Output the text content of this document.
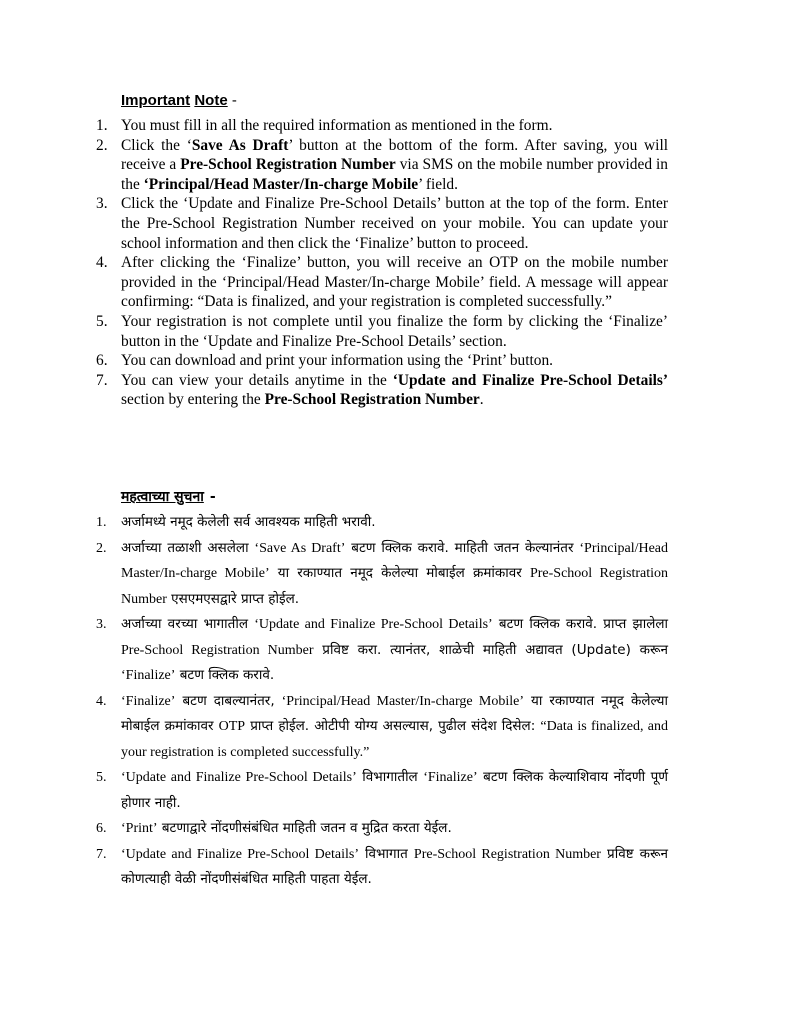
Important Note -
1. You must fill in all the required information as mentioned in the form.
2. Click the ‘Save As Draft’ button at the bottom of the form. After saving, you will receive a Pre-School Registration Number via SMS on the mobile number provided in the ‘Principal/Head Master/In-charge Mobile’ field.
3. Click the ‘Update and Finalize Pre-School Details’ button at the top of the form. Enter the Pre-School Registration Number received on your mobile. You can update your school information and then click the ‘Finalize’ button to proceed.
4. After clicking the ‘Finalize’ button, you will receive an OTP on the mobile number provided in the ‘Principal/Head Master/In-charge Mobile’ field. A message will appear confirming: “Data is finalized, and your registration is completed successfully.”
5. Your registration is not complete until you finalize the form by clicking the ‘Finalize’ button in the ‘Update and Finalize Pre-School Details’ section.
6. You can download and print your information using the ‘Print’ button.
7. You can view your details anytime in the ‘Update and Finalize Pre-School Details’ section by entering the Pre-School Registration Number.
महत्वाच्या सुचना -
1.	अर्जामध्ये नमूद केलेली सर्व आवश्यक माहिती भरावी.
2.	अर्जाच्या तळाशी असलेला ‘Save As Draft’ बटण क्लिक करावे. माहिती जतन केल्यानंतर ‘Principal/Head Master/In-charge Mobile’ या रकाण्यात नमूद केलेल्या मोबाईल क्रमांकावर Pre-School Registration Number एसएमएसद्वारे प्राप्त होईल.
3.	अर्जाच्या वरच्या भागातील ‘Update and Finalize Pre-School Details’ बटण क्लिक करावे. प्राप्त झालेला Pre-School Registration Number प्रविष्ट करा. त्यानंतर, शाळेची माहिती अद्यावत (Update) करून ‘Finalize’ बटण क्लिक करावे.
4.	‘Finalize’ बटण दाबल्यानंतर, ‘Principal/Head Master/In-charge Mobile’ या रकाण्यात नमूद केलेल्या मोबाईल क्रमांकावर OTP प्राप्त होईल. ओटीपी योग्य असल्यास, पुढील संदेश दिसेल: “Data is finalized, and your registration is completed successfully.”
5.	‘Update and Finalize Pre-School Details’ विभागातील ‘Finalize’ बटण क्लिक केल्याशिवाय नोंदणी पूर्ण होणार नाही.
6.	‘Print’ बटणाद्वारे नोंदणीसंबंधित माहिती जतन व मुद्रित करता येईल.
7.	‘Update and Finalize Pre-School Details’ विभागात Pre-School Registration Number प्रविष्ट करून कोणत्याही वेळी नोंदणीसंबंधित माहिती पाहता येईल.
